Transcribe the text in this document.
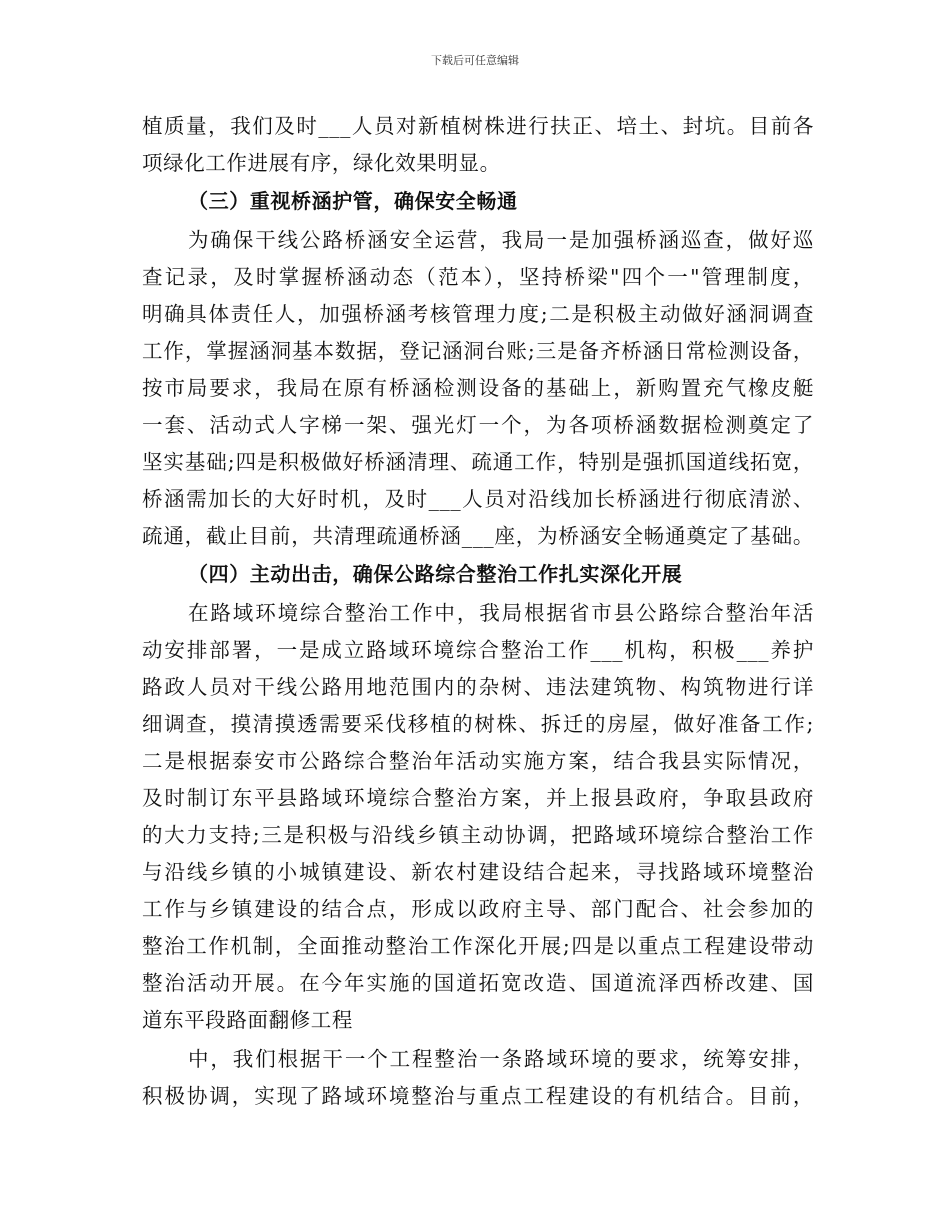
下载后可任意编辑
植质量，我们及时___人员对新植树株进行扶正、培土、封坑。目前各
项绿化工作进展有序，绿化效果明显。
（三）重视桥涵护管，确保安全畅通
为确保干线公路桥涵安全运营，我局一是加强桥涵巡查，做好巡
查记录，及时掌握桥涵动态（范本），坚持桥梁"四个一"管理制度，
明确具体责任人，加强桥涵考核管理力度;二是积极主动做好涵洞调查
工作，掌握涵洞基本数据，登记涵洞台账;三是备齐桥涵日常检测设备，
按市局要求，我局在原有桥涵检测设备的基础上，新购置充气橡皮艇
一套、活动式人字梯一架、强光灯一个，为各项桥涵数据检测奠定了
坚实基础;四是积极做好桥涵清理、疏通工作，特别是强抓国道线拓宽，
桥涵需加长的大好时机，及时___人员对沿线加长桥涵进行彻底清淤、
疏通，截止目前，共清理疏通桥涵___座，为桥涵安全畅通奠定了基础。
（四）主动出击，确保公路综合整治工作扎实深化开展
在路域环境综合整治工作中，我局根据省市县公路综合整治年活
动安排部署，一是成立路域环境综合整治工作___机构，积极___养护
路政人员对干线公路用地范围内的杂树、违法建筑物、构筑物进行详
细调查，摸清摸透需要采伐移植的树株、拆迁的房屋，做好准备工作;
二是根据泰安市公路综合整治年活动实施方案，结合我县实际情况，
及时制订东平县路域环境综合整治方案，并上报县政府，争取县政府
的大力支持;三是积极与沿线乡镇主动协调，把路域环境综合整治工作
与沿线乡镇的小城镇建设、新农村建设结合起来，寻找路域环境整治
工作与乡镇建设的结合点，形成以政府主导、部门配合、社会参加的
整治工作机制，全面推动整治工作深化开展;四是以重点工程建设带动
整治活动开展。在今年实施的国道拓宽改造、国道流泽西桥改建、国
道东平段路面翻修工程
中，我们根据干一个工程整治一条路域环境的要求，统筹安排，
积极协调，实现了路域环境整治与重点工程建设的有机结合。目前，
